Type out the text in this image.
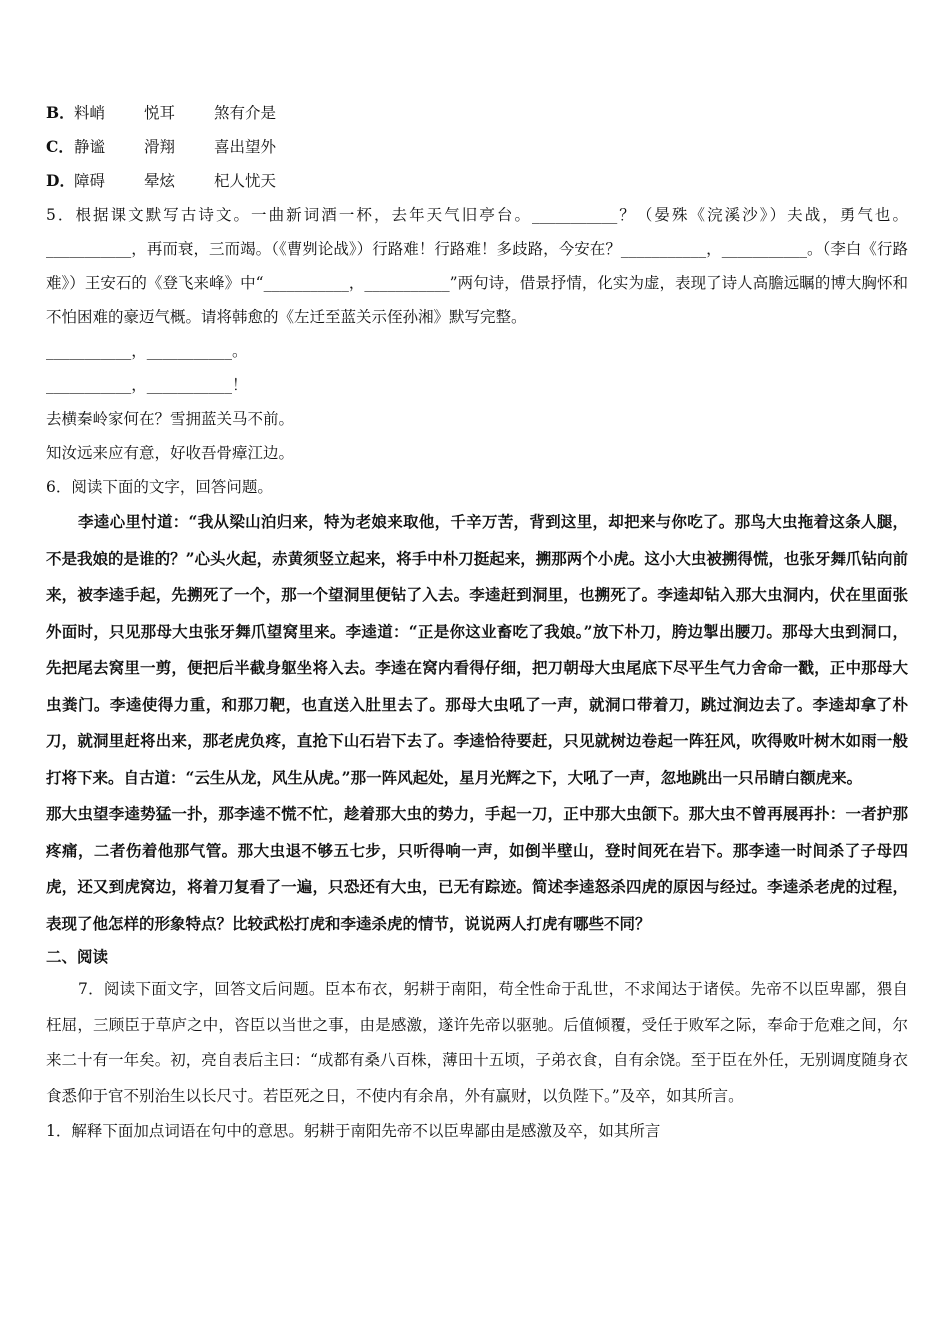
B．料峭	悦耳	煞有介是
C．静谧	滑翔	喜出望外
D．障碍	晕炫	杞人忧天
5．根据课文默写古诗文。一曲新词酒一杯，去年天气旧亭台。___________？（晏殊《浣溪沙》）夫战，勇气也。___________，再而衰，三而竭。（《曹刿论战》）行路难！行路难！多歧路，今安在？___________，___________。（李白《行路难》）王安石的《登飞来峰》中“___________，___________”两句诗，借景抒情，化实为虚，表现了诗人高膽远瞩的博大胸怀和不怕困难的豪迈气概。请将韩愈的《左迁至蓝关示侄孙湘》默写完整。
___________，___________。
___________，___________！
去横秦岭家何在？雪拥蓝关马不前。
知汝远来应有意，好收吾骨瘴江边。
6．阅读下面的文字，回答问题。
李逵心里忖道：“我从梁山泊归来，特为老娘来取他，千辛万苦，背到这里，却把来与你吃了。那鸟大虫拖着这条人腿，不是我娘的是谁的？”心头火起，赤黄须竖立起来，将手中朴刀挺起来，搠那两个小虎。这小大虫被搠得慌，也张牙舞爪钻向前来，被李逵手起，先搠死了一个，那一个望洞里便钻了入去。李逵赶到洞里，也搠死了。李逵却钻入那大虫洞内，伏在里面张外面时，只见那母大虫张牙舞爪望窝里来。李逵道：“正是你这业畜吃了我娘。”放下朴刀，胯边掣出腰刀。那母大虫到洞口，先把尾去窝里一剪，便把后半截身躯坐将入去。李逵在窝内看得仔细，把刀朝母大虫尾底下尽平生气力舍命一戳，正中那母大虫粪门。李逵使得力重，和那刀靶，也直送入肚里去了。那母大虫吼了一声，就洞口带着刀，跳过涧边去了。李逵却拿了朴刀，就洞里赶将出来，那老虎负疼，直抢下山石岩下去了。李逵恰待要赶，只见就树边卷起一阵狂风，吹得败叶树木如雨一般打将下来。自古道：“云生从龙，风生从虎。”那一阵风起处，星月光辉之下，大吼了一声，忽地跳出一只吊睛白额虎来。
那大虫望李逵势猛一扑，那李逵不慌不忙，趁着那大虫的势力，手起一刀，正中那大虫颌下。那大虫不曾再展再扑：一者护那疼痛，二者伤着他那气管。那大虫退不够五七步，只听得响一声，如倒半壁山，登时间死在岩下。那李逵一时间杀了子母四虎，还又到虎窝边，将着刀复看了一遍，只恐还有大虫，已无有踪迹。简述李逵怒杀四虎的原因与经过。李逵杀老虎的过程，表现了他怎样的形象特点？比较武松打虎和李逵杀虎的情节，说说两人打虎有哪些不同？
二、阅读
7．阅读下面文字，回答文后问题。臣本布衣，躬耕于南阳，苟全性命于乱世，不求闻达于诸侯。先帝不以臣卑鄙，猥自枉屈，三顾臣于草庐之中，咨臣以当世之事，由是感激，遂许先帝以驱驰。后值倾覆，受任于败军之际，奉命于危难之间，尔来二十有一年矣。初，亮自表后主曰：“成都有桑八百株，薄田十五顷，子弟衣食，自有余饶。至于臣在外任，无别调度随身衣食悉仰于官不别治生以长尺寸。若臣死之日，不使内有余帛，外有赢财，以负陛下。”及卒，如其所言。
1．解释下面加点词语在句中的意思。躬耕于南阳先帝不以臣卑鄙由是感激及卒，如其所言
